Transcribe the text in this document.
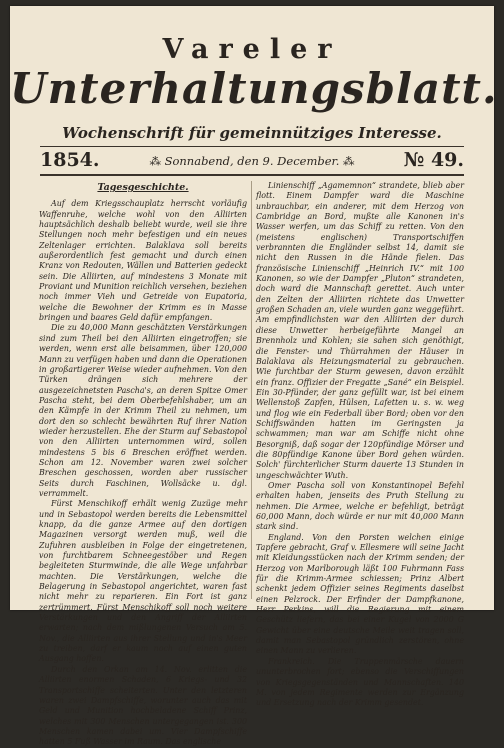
Vareler
Unterhaltungsblatt.
Wochenschrift für gemeinnütziges Interesse.
1854.	⁂ Sonnabend, den 9. December. ⁂	№ 49.
Tagesgeschichte.

Auf dem Kriegsschauplatz herrscht vorläufig Waffenruhe, welche wohl von den Alliirten hauptsächlich deshalb beliebt wurde, weil sie ihre Stellungen noch mehr befestigen und ein neues Zeltenlager errichten. Balaklava soll bereits außerordentlich fest gemacht und durch einen Kranz von Redouten, Wällen und Batterien gedeckt sein. Die Alliirten, auf mindestens 3 Monate mit Proviant und Munition reichlich versehen, beziehen noch immer Vieh und Getreide von Eupatoria, welche die Bewohner der Krimm es in Masse bringen und baares Geld dafür empfangen.

Die zu 40,000 Mann geschätzten Verstärkungen sind zum Theil bei den Alliirten eingetroffen; sie werden, wenn erst alle beisammen, über 120,000 Mann zu verfügen haben und dann die Operationen in großartigerer Weise wieder aufnehmen. Von den Türken drängen sich mehrere der ausgezeichnetsten Pascha's, an deren Spitze Omer Pascha steht, bei dem Oberbefehlshaber, um an den Kämpfe in der Krimm Theil zu nehmen, um dort den so schlecht bewährten Ruf ihrer Nation wieder herzustellen. Ehe der Sturm auf Sebastopol von den Alliirten unternommen wird, sollen mindestens 5 bis 6 Breschen eröffnet werden. Schon am 12. November waren zwei solcher Breschen geschossen, worden aber russischer Seits durch Faschinen, Wollsäcke u. dgl. verrammelt.

Fürst Menschikoff erhält wenig Zuzüge mehr und in Sebastopol werden bereits die Lebensmittel knapp, da die ganze Armee auf den dortigen Magazinen versorgt werden muß, weil die Zufuhren ausbleiben in Folge der eingetretenen, von furchtbarem Schneegestöber und Regen begleiteten Sturmwinde, die alle Wege unfahrbar machten. Die Verstärkungen, welche die Belagerung in Sebastopol angerichtet, waren fast nicht mehr zu reparieren. Ein Fort ist ganz zertrümmert. Fürst Menschikoff soll noch weitere Verstärkungen und den Angriff der Alliirten erwarten; nach dem mißlungenen Versuch am 5. Nov., die Alliirten aus ihrer Stellung und in's Meer zu treiben, darf er kaum noch auf einen guten Ausgang hoffen.

Durch den Orkan am 14. Nov. erlitten die Alliirten enormen Schaden, 6 Kriegs- und 32 Transportschiffe scheiterten. Unter den letzteren waren zwei Dampfschiffe, worunter auch das mit Geld und Munition hochbeladene Schiff Prinz, welches mit 300 Menschen untergegangen ist. 300 Menschen kamen dabei um. Vier Dampfschiffe hatten 5 Fuß Wasser im Raum. Das englische

Linienschiff „Agamemnon“ strandete, blieb aber flott. Einem Dampfer ward die Maschine unbrauchbar, ein anderer, mit dem Herzog von Cambridge an Bord, mußte alle Kanonen in's Wasser werfen, um das Schiff zu retten. Von den (meistens englischen) Transportschiffen verbrannten die Engländer selbst 14, damit sie nicht den Russen in die Hände fielen. Das französische Linienschiff „Heinrich IV.“ mit 100 Kanonen, so wie der Dampfer „Pluton“ strandeten, doch ward die Mannschaft gerettet. Auch unter den Zelten der Alliirten richtete das Unwetter großen Schaden an, viele wurden ganz weggeführt. Am empfindlichsten war den Alliirten der durch diese Unwetter herbeigeführte Mangel an Brennholz und Kohlen; sie sahen sich genöthigt, die Fenster- und Thürrahmen der Häuser in Balaklava als Heizungsmaterial zu gebrauchen. Wie furchtbar der Sturm gewesen, davon erzählt ein franz. Offizier der Fregatte „Sané“ ein Beispiel. Ein 30-Pfünder, der ganz gefüllt war, ist bei einem Wellenstoß Zapfen, Hülsen, Lafetten u. s. w. weg und flog wie ein Federball über Bord; oben vor den Schiffswänden hatten im Geringsten ja schwammen; man war am Schiffe nicht ohne Besorgniß, daß sogar der 120pfündige Mörser und die 80pfündige Kanone über Bord gehen würden. Solch' fürchterlicher Sturm dauerte 13 Stunden in ungeschwächter Wuth.

Omer Pascha soll von Konstantinopel Befehl erhalten haben, jenseits des Pruth Stellung zu nehmen. Die Armee, welche er befehligt, beträgt 60,000 Mann, doch würde er nur mit 40,000 Mann stark sind.

England. Von den Porsten welchen einige Tapfere gebracht, Graf v. Ellesmere will seine Jacht mit Kleidungsstücken nach der Krimm senden; der Herzog von Marlborough läßt 100 Fuhrmann Fass für die Krimm-Armee schiessen; Prinz Albert schenkt jedem Offizier seines Regiments daselbst einen Pelzrock. Der Erfinder der Dampfkanone, Herr Perkins, will die Regierung mit einem Geschütz liefern, das bei einer Kugel von 2000 G Gewicht über eine deutsche Meile weit tragen soll, damit man Sebastopol gründlich zerstören, ohne einen Mann zu verlieren.

Frankreich. Die Truppenmärsche dauern ununterbrochen fort; ebenso die Verschiffungen von Kriegsgegenständen und Mannschaften. 140 M. von jedem Regimente werden zur Ergänzung und Ersetzung nach der Krimm gesendet.
